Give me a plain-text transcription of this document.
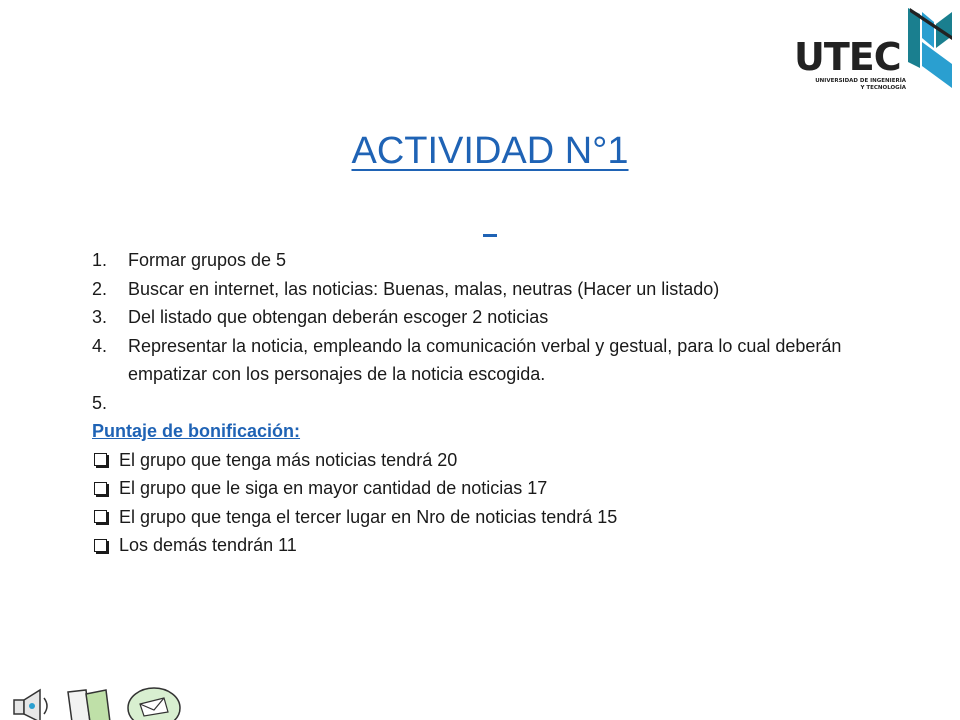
UTEC
UNIVERSIDAD DE INGENIERÍA
Y TECNOLOGÍA
ACTIVIDAD N°1
1.	Formar grupos de 5
2.	Buscar en internet, las noticias: Buenas, malas, neutras (Hacer un listado)
3.	Del listado que obtengan deberán escoger 2 noticias
4.	Representar la noticia, empleando la comunicación verbal y gestual, para lo cual deberán empatizar con los personajes de la noticia escogida.
5.
Puntaje de bonificación:
El grupo que tenga más noticias tendrá 20
El grupo que le siga en mayor cantidad de noticias 17
El grupo que tenga el tercer lugar en Nro de noticias tendrá 15
Los demás tendrán 11
